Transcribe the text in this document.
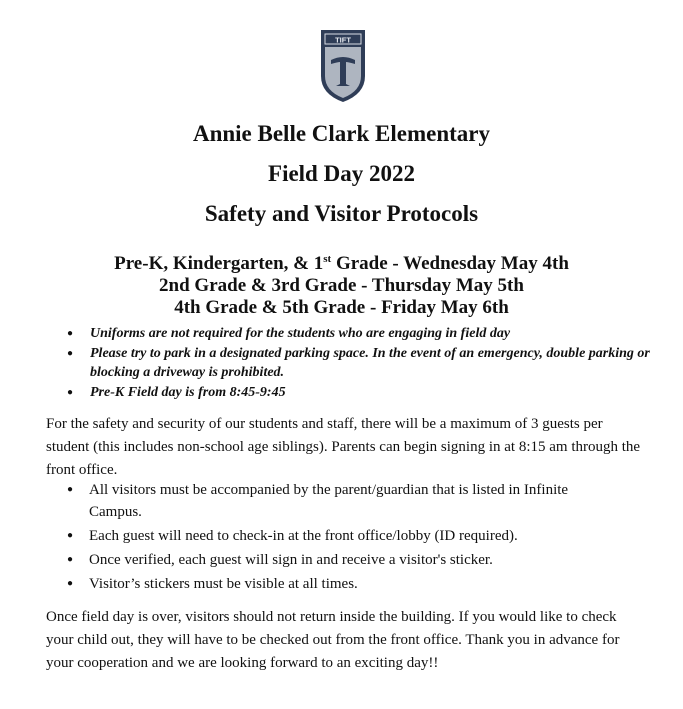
TIFT
Annie Belle Clark Elementary
Field Day 2022
Safety and Visitor Protocols
Pre-K, Kindergarten, & 1st Grade - Wednesday May 4th
2nd Grade & 3rd Grade - Thursday May 5th
4th Grade & 5th Grade - Friday May 6th
● Uniforms are not required for the students who are engaging in field day
● Please try to park in a designated parking space. In the event of an emergency, double parking or blocking a driveway is prohibited.
● Pre-K Field day is from 8:45-9:45

For the safety and security of our students and staff, there will be a maximum of 3 guests per student (this includes non-school age siblings). Parents can begin signing in at 8:15 am through the front office.

● All visitors must be accompanied by the parent/guardian that is listed in Infinite Campus.
● Each guest will need to check-in at the front office/lobby (ID required).
● Once verified, each guest will sign in and receive a visitor's sticker.
● Visitor’s stickers must be visible at all times.

Once field day is over, visitors should not return inside the building. If you would like to check your child out, they will have to be checked out from the front office. Thank you in advance for your cooperation and we are looking forward to an exciting day!!
